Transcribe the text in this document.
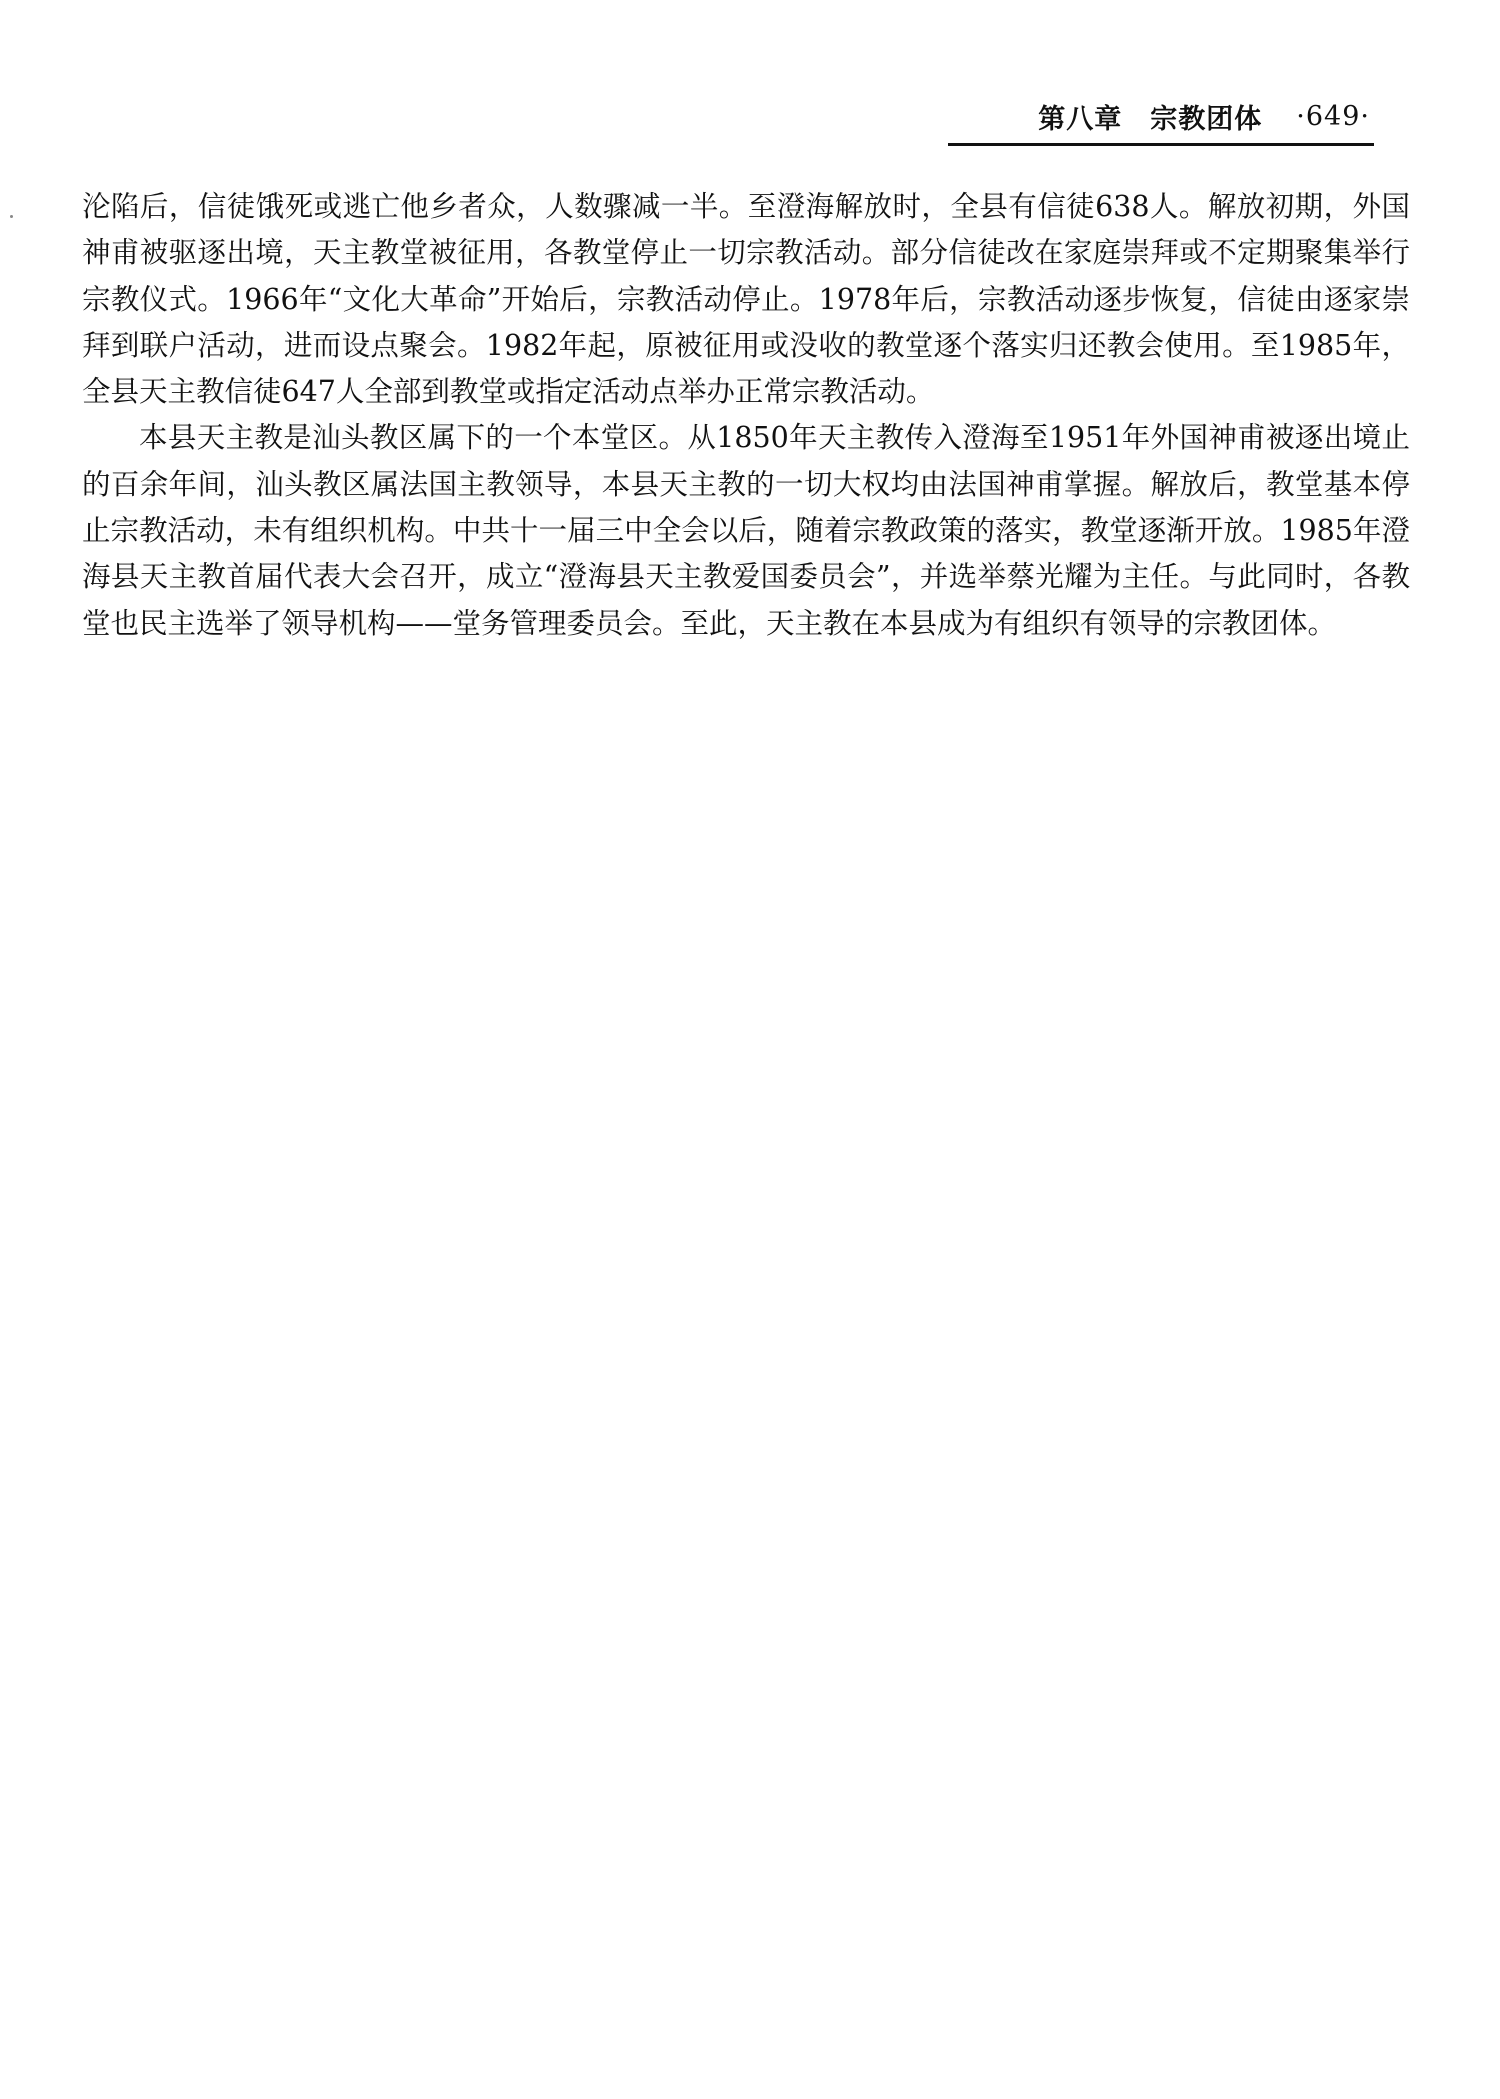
第八章 宗教团体 ·649·

沦陷后，信徒饿死或逃亡他乡者众，人数骤减一半。至澄海解放时，全县有信徒638人。解放初期，外国神甫被驱逐出境，天主教堂被征用，各教堂停止一切宗教活动。部分信徒改在家庭崇拜或不定期聚集举行宗教仪式。1966年“文化大革命”开始后，宗教活动停止。1978年后，宗教活动逐步恢复，信徒由逐家崇拜到联户活动，进而设点聚会。1982年起，原被征用或没收的教堂逐个落实归还教会使用。至1985年，全县天主教信徒647人全部到教堂或指定活动点举办正常宗教活动。

本县天主教是汕头教区属下的一个本堂区。从1850年天主教传入澄海至1951年外国神甫被逐出境止的百余年间，汕头教区属法国主教领导，本县天主教的一切大权均由法国神甫掌握。解放后，教堂基本停止宗教活动，未有组织机构。中共十一届三中全会以后，随着宗教政策的落实，教堂逐渐开放。1985年澄海县天主教首届代表大会召开，成立“澄海县天主教爱国委员会”，并选举蔡光耀为主任。与此同时，各教堂也民主选举了领导机构——堂务管理委员会。至此，天主教在本县成为有组织有领导的宗教团体。
